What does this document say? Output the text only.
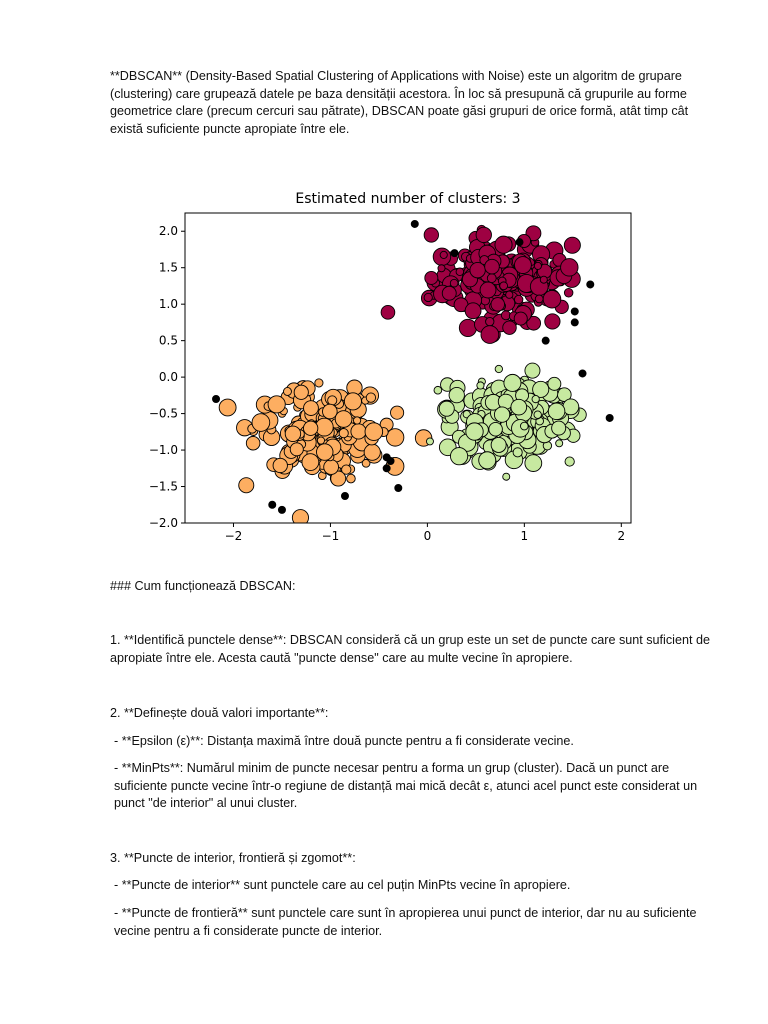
**DBSCAN** (Density-Based Spatial Clustering of Applications with Noise) este un algoritm de grupare (clustering) care grupează datele pe baza densității acestora. În loc să presupună că grupurile au forme geometrice clare (precum cercuri sau pătrate), DBSCAN poate găsi grupuri de orice formă, atât timp cât există suficiente puncte apropiate între ele.

Estimated number of clusters: 3
−2	−1	0	1	2
2.0
1.5
1.0
0.5
0.0
−0.5
−1.0
−1.5
−2.0

### Cum funcționează DBSCAN:

1. **Identifică punctele dense**: DBSCAN consideră că un grup este un set de puncte care sunt suficient de apropiate între ele. Acesta caută "puncte dense" care au multe vecine în apropiere.

2. **Definește două valori importante**:

- **Epsilon (ε)**: Distanța maximă între două puncte pentru a fi considerate vecine.

- **MinPts**: Numărul minim de puncte necesar pentru a forma un grup (cluster). Dacă un punct are suficiente puncte vecine într-o regiune de distanță mai mică decât ε, atunci acel punct este considerat un punct "de interior" al unui cluster.

3. **Puncte de interior, frontieră și zgomot**:

- **Puncte de interior** sunt punctele care au cel puțin MinPts vecine în apropiere.

- **Puncte de frontieră** sunt punctele care sunt în apropierea unui punct de interior, dar nu au suficiente vecine pentru a fi considerate puncte de interior.
